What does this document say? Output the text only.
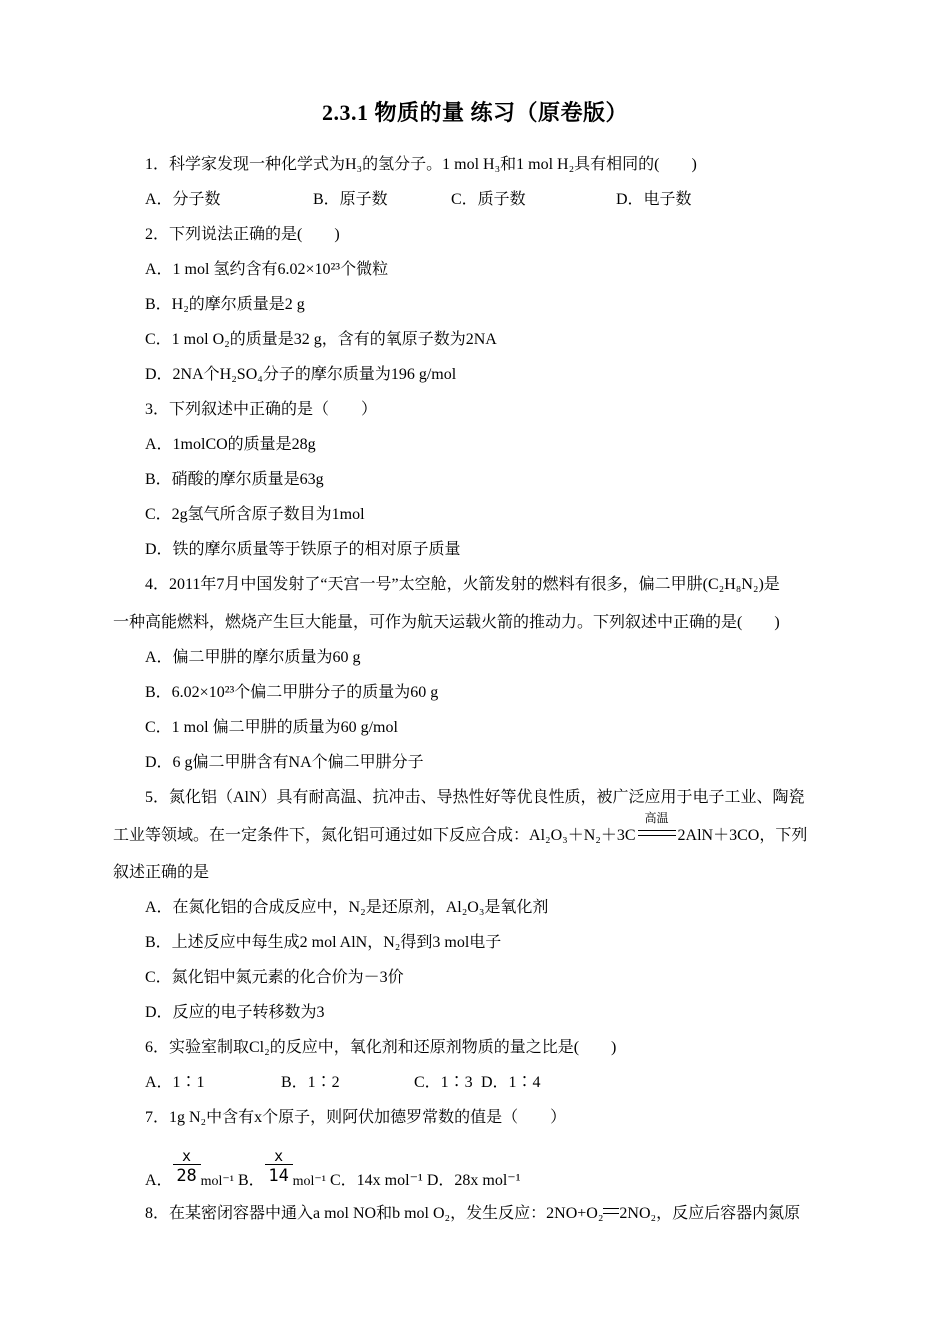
2.3.1 物质的量 练习（原卷版）
1．科学家发现一种化学式为H₃的氢分子。1 mol H₃和1 mol H₂具有相同的(　　)
A．分子数	B．原子数	C．质子数	D．电子数
2．下列说法正确的是(　　)
A．1 mol 氢约含有6.02×10²³个微粒
B．H₂的摩尔质量是2 g
C．1 mol O₂的质量是32 g，含有的氧原子数为2NA
D．2NA个H₂SO₄分子的摩尔质量为196 g/mol
3．下列叙述中正确的是（　　）
A．1molCO的质量是28g
B．硝酸的摩尔质量是63g
C．2g氢气所含原子数目为1mol
D．铁的摩尔质量等于铁原子的相对原子质量
4．2011年7月中国发射了“天宫一号”太空舱，火箭发射的燃料有很多，偏二甲肼(C₂H₈N₂)是
一种高能燃料，燃烧产生巨大能量，可作为航天运载火箭的推动力。下列叙述中正确的是(　　)
A．偏二甲肼的摩尔质量为60 g
B．6.02×10²³个偏二甲肼分子的质量为60 g
C．1 mol 偏二甲肼的质量为60 g/mol
D．6 g偏二甲肼含有NA个偏二甲肼分子
5．氮化铝（AlN）具有耐高温、抗冲击、导热性好等优良性质，被广泛应用于电子工业、陶瓷
工业等领域。在一定条件下，氮化铝可通过如下反应合成：Al₂O₃＋N₂＋3C
高温
2AlN＋3CO，下列
叙述正确的是
A．在氮化铝的合成反应中，N₂是还原剂，Al₂O₃是氧化剂
B．上述反应中每生成2 mol AlN，N₂得到3 mol电子
C．氮化铝中氮元素的化合价为－3价
D．反应的电子转移数为3
6．实验室制取Cl₂的反应中，氧化剂和还原剂物质的量之比是(　　)
A．1∶1	B．1∶2	C．1∶3 D．1∶4
7．1g N₂中含有x个原子，则阿伏加德罗常数的值是（　　）
A． $\frac{x}{28} mol^{-1}$ B． $\frac{x}{14} mol^{-1}$ C．14x mol⁻¹ D．28x mol⁻¹
8．在某密闭容器中通入a mol NO和b mol O₂，发生反应：2NO+O₂ 2NO₂，反应后容器内氮原
